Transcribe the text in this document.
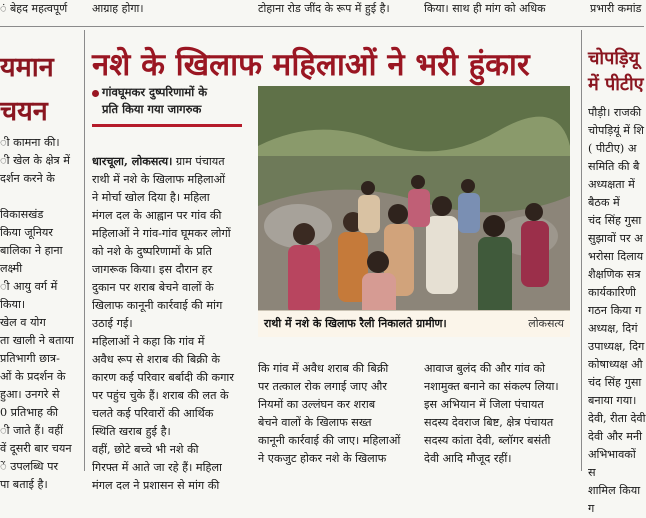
ं बेहद महत्वपूर्ण आग्राह होगा।	टोहाना रोड जींद के रूप में हुई है।	किया। साथ ही मांग को अधिक	प्रभारी कमांड
यमान
चयन
ी कामना की।
ी खेल के क्षेत्र में
दर्शन करने के

विकासखंड
किया जूनियर
बालिका ने हाना लक्ष्मी
ी आयु वर्ग में
किया।
खेल व योग
ता खाली ने बताया
प्रतिभागी छात्र-
ओं के प्रदर्शन के
हुआ। उनगरे से
0 प्रतिभाह की
ी जाते हैं। वहीं
वें दूसरी बार चयन
ें उपलब्धि पर
पा बताई है।
नशे के खिलाफ महिलाओं ने भरी हुंकार
गांवघूमकर दुष्परिणामों के
प्रति किया गया जागरुक

धारचूला, लोकसत्य। ग्राम पंचायत
राथी में नशे के खिलाफ महिलाओं
ने मोर्चा खोल दिया है। महिला
मंगल दल के आह्वान पर गांव की
महिलाओं ने गांव-गांव घूमकर लोगों
को नशे के दुष्परिणामों के प्रति
जागरूक किया। इस दौरान हर
दुकान पर शराब बेचने वालों के
खिलाफ कानूनी कार्रवाई की मांग
उठाई गई।
महिलाओं ने कहा कि गांव में
अवैध रूप से शराब की बिक्री के
कारण कई परिवार बर्बादी की कगार
पर पहुंच चुके हैं। शराब की लत के
चलते कई परिवारों की आर्थिक
स्थिति खराब हुई है।
वहीं, छोटे बच्चे भी नशे की
गिरफ्त में आते जा रहे हैं। महिला
मंगल दल ने प्रशासन से मांग की

राथी में नशे के खिलाफ रैली निकालते ग्रामीण।	लोकसत्य
कि गांव में अवैध शराब की बिक्री
पर तत्काल रोक लगाई जाए और
नियमों का उल्लंघन कर शराब
बेचने वालों के खिलाफ सख्त
कानूनी कार्रवाई की जाए। महिलाओं
ने एकजुट होकर नशे के खिलाफ
आवाज बुलंद की और गांव को
नशामुक्त बनाने का संकल्प लिया।
इस अभियान में जिला पंचायत
सदस्य देवराज बिष्ट, क्षेत्र पंचायत
सदस्य कांता देवी, ब्लॉगर बसंती
देवी आदि मौजूद रहीं।
चोपड़ियू
में पीटीए
पौड़ी। राजकी
चोपड़ियूं में शि
( पीटीए) अ
समिति की बै
अध्यक्षता में
बैठक में
चंद सिंह गुसा
सुझावों पर अ
भरोसा दिलाय
शैक्षणिक सत्र
कार्यकारिणी
गठन किया ग
अध्यक्ष, दिगं
उपाध्यक्ष, दिग
कोषाध्यक्ष औ
चंद सिंह गुसा
बनाया गया।
देवी, रीता देवी
देवी और मनी
अभिभावकों स
शामिल किया ग
